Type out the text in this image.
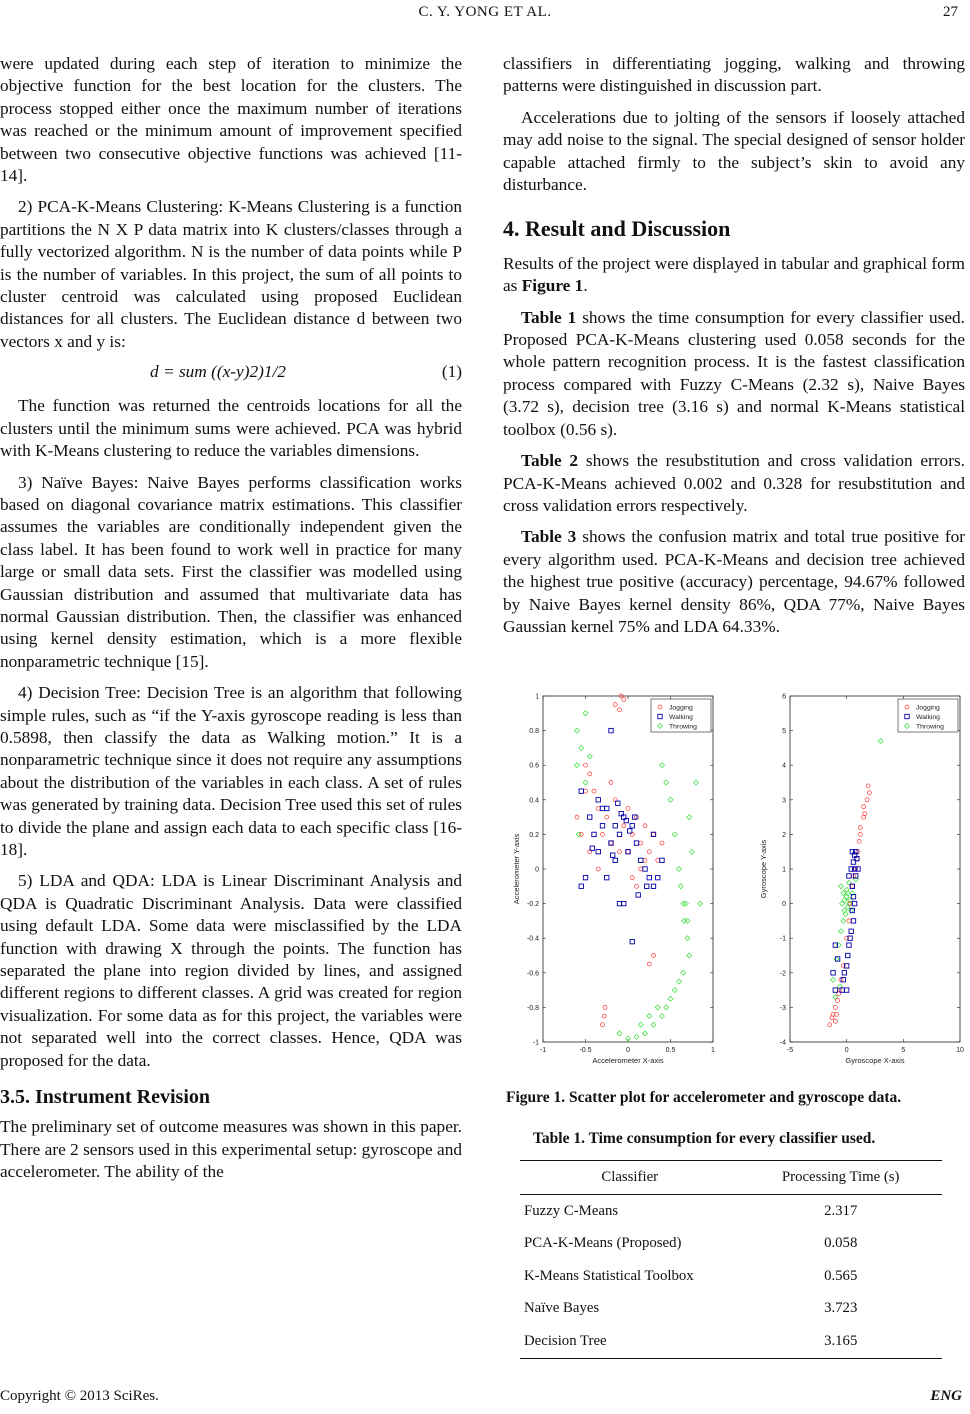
C. Y. YONG ET AL.	27

were updated during each step of iteration to minimize the objective function for the best location for the clusters. The process stopped either once the maximum number of iterations was reached or the minimum amount of improvement specified between two consecutive objective functions was achieved [11-14].

2) PCA-K-Means Clustering: K-Means Clustering is a function partitions the N X P data matrix into K clusters/classes through a fully vectorized algorithm. N is the number of data points while P is the number of variables. In this project, the sum of all points to cluster centroid was calculated using proposed Euclidean distances for all clusters. The Euclidean distance d between two vectors x and y is:

d = sum ((x-y)2)1/2	(1)

The function was returned the centroids locations for all the clusters until the minimum sums were achieved. PCA was hybrid with K-Means clustering to reduce the variables dimensions.

3) Naïve Bayes: Naive Bayes performs classification works based on diagonal covariance matrix estimations. This classifier assumes the variables are conditionally independent given the class label. It has been found to work well in practice for many large or small data sets. First the classifier was modelled using Gaussian distribution and assumed that multivariate data has normal Gaussian distribution. Then, the classifier was enhanced using kernel density estimation, which is a more flexible nonparametric technique [15].

4) Decision Tree: Decision Tree is an algorithm that following simple rules, such as “if the Y-axis gyroscope reading is less than 0.5898, then classify the data as Walking motion.” It is a nonparametric technique since it does not require any assumptions about the distribution of the variables in each class. A set of rules was generated by training data. Decision Tree used this set of rules to divide the plane and assign each data to each specific class [16-18].

5) LDA and QDA: LDA is Linear Discriminant Analysis and QDA is Quadratic Discriminant Analysis. Data were classified using default LDA. Some data were misclassified by the LDA function with drawing X through the points. The function has separated the plane into region divided by lines, and assigned different regions to different classes. A grid was created for region visualization. For some data as for this project, the variables were not separated well into the correct classes. Hence, QDA was proposed for the data.

3.5. Instrument Revision

The preliminary set of outcome measures was shown in this paper. There are 2 sensors used in this experimental setup: gyroscope and accelerometer. The ability of the

classifiers in differentiating jogging, walking and throwing patterns were distinguished in discussion part.

Accelerations due to jolting of the sensors if loosely attached may add noise to the signal. The special designed of sensor holder capable attached firmly to the subject’s skin to avoid any disturbance.

4. Result and Discussion

Results of the project were displayed in tabular and graphical form as Figure 1.

Table 1 shows the time consumption for every classifier used. Proposed PCA-K-Means clustering used 0.058 seconds for the whole pattern recognition process. It is the fastest classification process compared with Fuzzy C-Means (2.32 s), Naive Bayes (3.72 s), decision tree (3.16 s) and normal K-Means statistical toolbox (0.56 s).

Table 2 shows the resubstitution and cross validation errors. PCA-K-Means achieved 0.002 and 0.328 for resubstitution and cross validation errors respectively.

Table 3 shows the confusion matrix and total true positive for every algorithm used. PCA-K-Means and decision tree achieved the highest true positive (accuracy) percentage, 94.67% followed by Naive Bayes kernel density 86%, QDA 77%, Naive Bayes Gaussian kernel 75% and LDA 64.33%.

-1	-0.5	0	0.5	1
-1
-0.8
-0.6
-0.4
-0.2
0
0.2
0.4
0.6
0.8
1
Accelerometer X-axis
Accelerometer Y-axis
Jogging
Walking
Throwing
-5	0	5	10
-4
-3
-2
-1
0
1
2
3
4
5
6
Gyroscope X-axis
Gyroscope Y-axis
Jogging
Walking
Throwing
Figure 1. Scatter plot for accelerometer and gyroscope data.
Table 1. Time consumption for every classifier used.
Classifier	Processing Time (s)
Fuzzy C-Means	2.317
PCA-K-Means (Proposed)	0.058
K-Means Statistical Toolbox	0.565
Naïve Bayes	3.723
Decision Tree	3.165
Copyright © 2013 SciRes.	ENG
